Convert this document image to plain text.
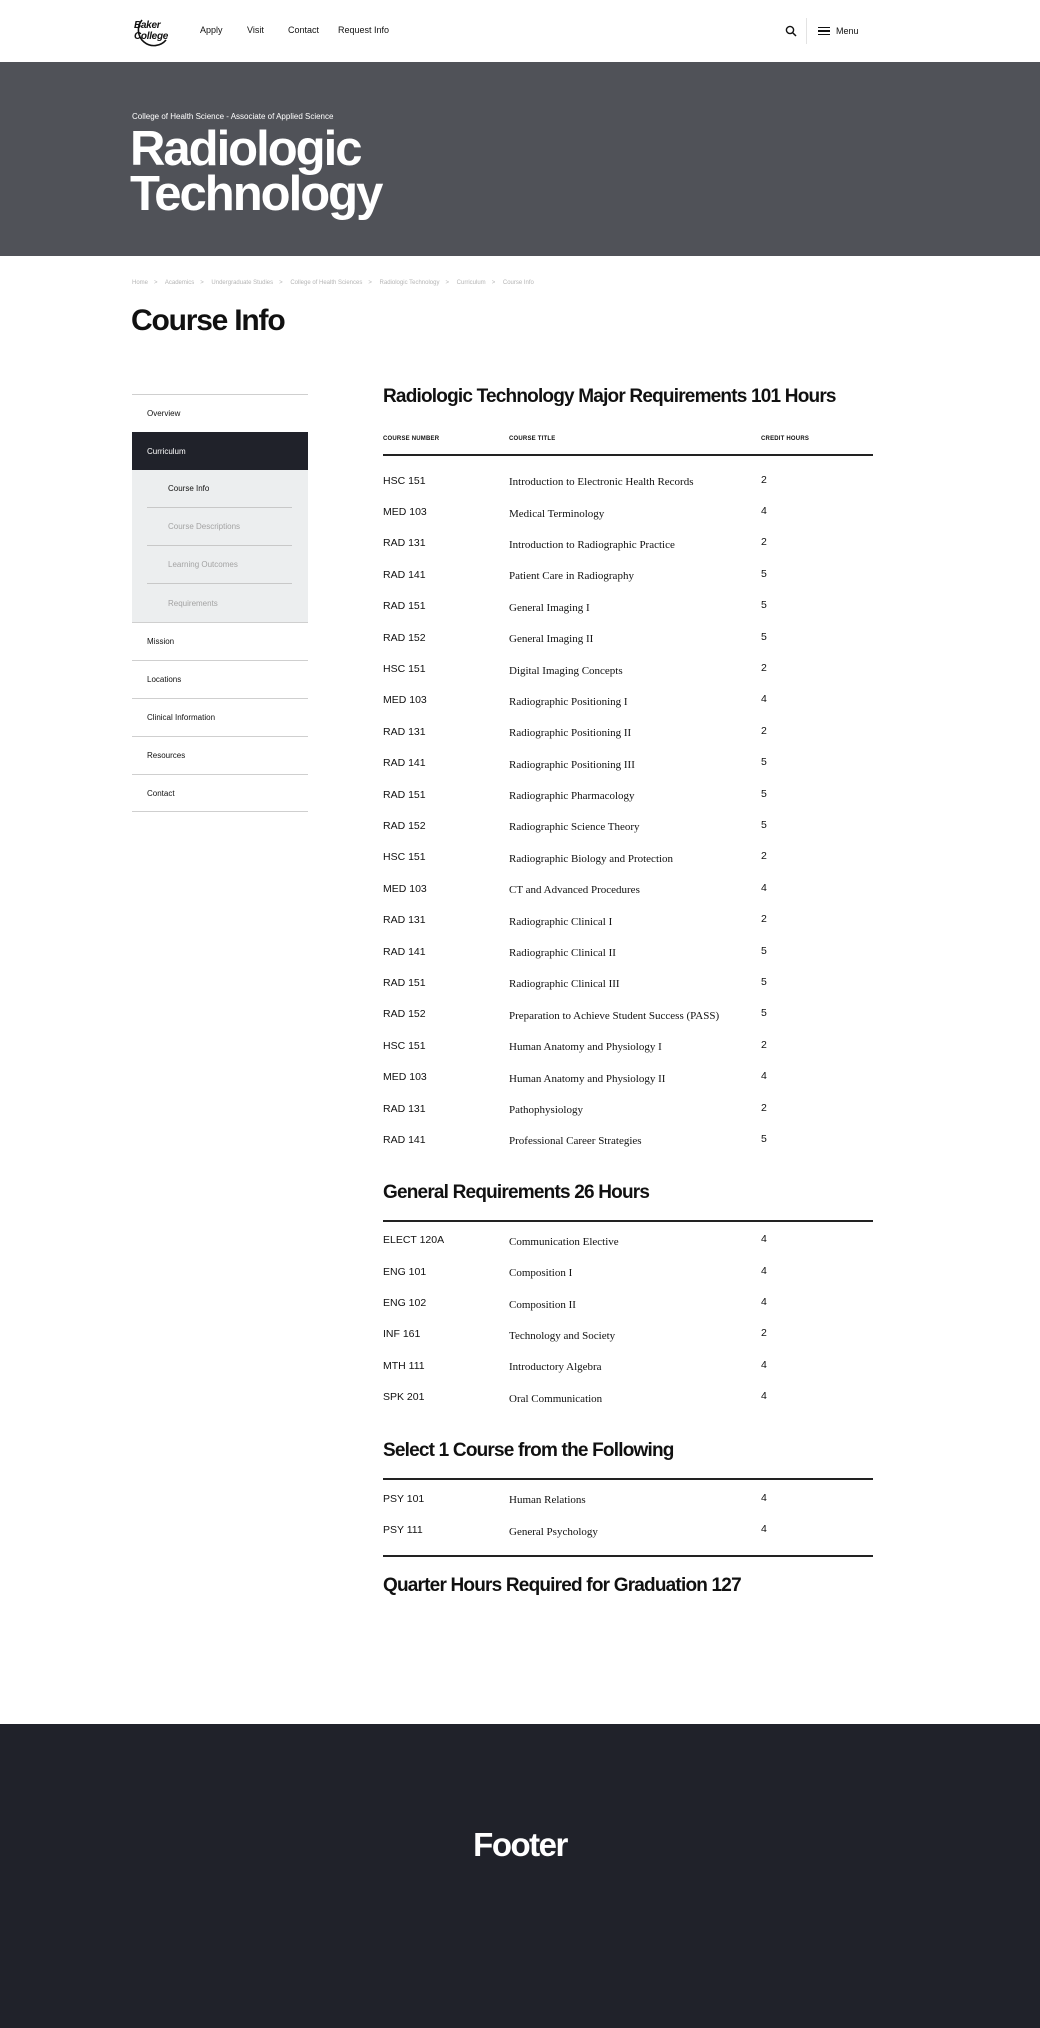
Baker College
Apply	Visit	Contact Request Info	Menu
College of Health Science - Associate of Applied Science
Radiologic
Technology
Home > Academics > Undergraduate Studies > College of Health Sciences > Radiologic Technology > Curriculum > Course Info
Course Info
Overview
Curriculum
Course Info
Course Descriptions
Learning Outcomes
Requirements
Mission
Locations
Clinical Information
Resources
Contact
Radiologic Technology Major Requirements 101 Hours
COURSE NUMBER	COURSE TITLE	CREDIT HOURS
HSC 151	Introduction to Electronic Health Records	2
MED 103	Medical Terminology	4
RAD 131	Introduction to Radiographic Practice	2
RAD 141	Patient Care in Radiography	5
RAD 151	General Imaging I	5
RAD 152	General Imaging II	5
HSC 151	Digital Imaging Concepts	2
MED 103	Radiographic Positioning I	4
RAD 131	Radiographic Positioning II	2
RAD 141	Radiographic Positioning III	5
RAD 151	Radiographic Pharmacology	5
RAD 152	Radiographic Science Theory	5
HSC 151	Radiographic Biology and Protection	2
MED 103	CT and Advanced Procedures	4
RAD 131	Radiographic Clinical I	2
RAD 141	Radiographic Clinical II	5
RAD 151	Radiographic Clinical III	5
RAD 152	Preparation to Achieve Student Success (PASS)	5
HSC 151	Human Anatomy and Physiology I	2
MED 103	Human Anatomy and Physiology II	4
RAD 131	Pathophysiology	2
RAD 141	Professional Career Strategies	5
General Requirements 26 Hours
ELECT 120A	Communication Elective	4
ENG 101	Composition I	4
ENG 102	Composition II	4
INF 161	Technology and Society	2
MTH 111	Introductory Algebra	4
SPK 201	Oral Communication	4
Select 1 Course from the Following
PSY 101	Human Relations	4
PSY 111	General Psychology	4
Quarter Hours Required for Graduation 127
Footer
